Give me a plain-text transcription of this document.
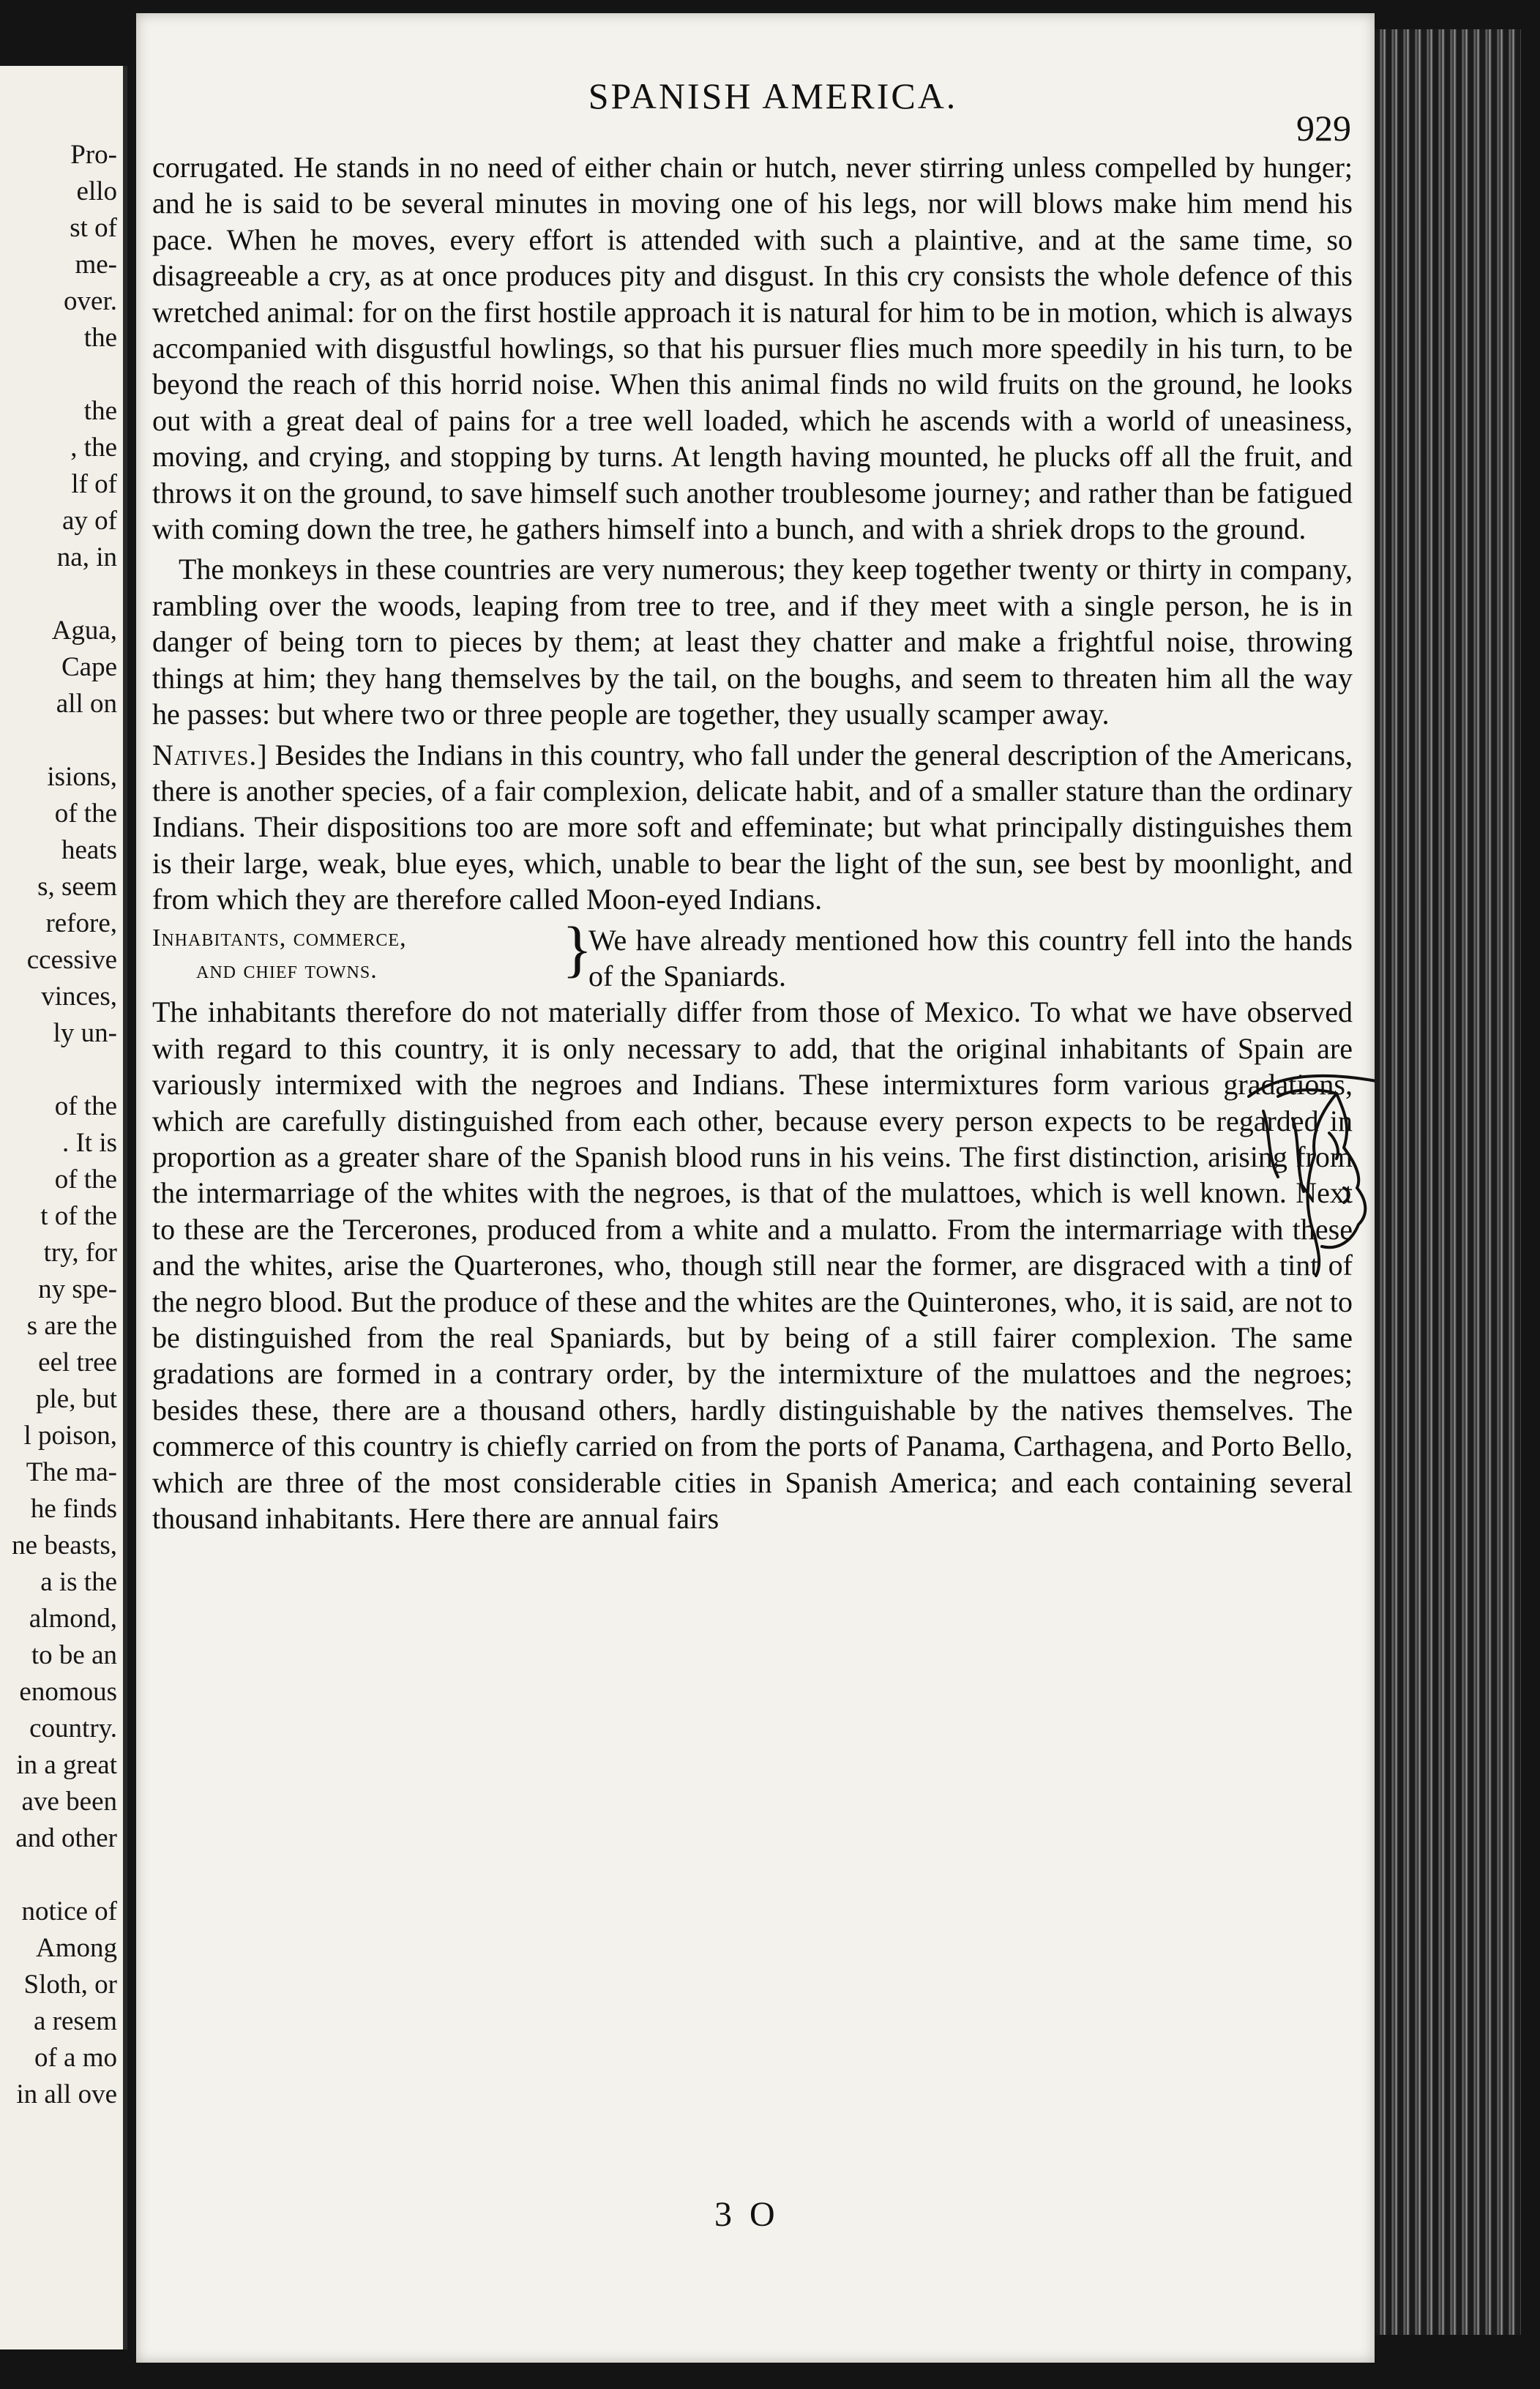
Pro-
ello
st of
me-
over.
the
the
, the
lf of
ay of
na, in
Agua,
Cape
all on
isions,
of the
heats
s, seem
refore,
ccessive
vinces,
ly un-
of the
. It is
of the
t of the
try, for
ny spe-
s are the
eel tree
ple, but
l poison,
The ma-
he finds
ne beasts,
a is the
almond,
to be an
enomous
country.
in a great
ave been
and other
notice of
Among
Sloth, or
a resem
of a mo
in all ove
SPANISH AMERICA.
929

corrugated. He stands in no need of either chain or hutch, never stirring unless compelled by hunger; and he is said to be several minutes in moving one of his legs, nor will blows make him mend his pace. When he moves, every effort is attended with such a plaintive, and at the same time, so disagreeable a cry, as at once produces pity and disgust. In this cry consists the whole defence of this wretched animal: for on the first hostile approach it is natural for him to be in motion, which is always accompanied with disgustful howlings, so that his pursuer flies much more speedily in his turn, to be beyond the reach of this horrid noise. When this animal finds no wild fruits on the ground, he looks out with a great deal of pains for a tree well loaded, which he ascends with a world of uneasiness, moving, and crying, and stopping by turns. At length having mounted, he plucks off all the fruit, and throws it on the ground, to save himself such another troublesome journey; and rather than be fatigued with coming down the tree, he gathers himself into a bunch, and with a shriek drops to the ground.

The monkeys in these countries are very numerous; they keep together twenty or thirty in company, rambling over the woods, leaping from tree to tree, and if they meet with a single person, he is in danger of being torn to pieces by them; at least they chatter and make a frightful noise, throwing things at him; they hang themselves by the tail, on the boughs, and seem to threaten him all the way he passes: but where two or three people are together, they usually scamper away.

Natives.] Besides the Indians in this country, who fall under the general description of the Americans, there is another species, of a fair complexion, delicate habit, and of a smaller stature than the ordinary Indians. Their dispositions too are more soft and effeminate; but what principally distinguishes them is their large, weak, blue eyes, which, unable to bear the light of the sun, see best by moonlight, and from which they are therefore called Moon-eyed Indians.

Inhabitants, commerce,
and chief towns.	}
We have already mentioned how this country fell into the hands of the Spaniards.

The inhabitants therefore do not materially differ from those of Mexico. To what we have observed with regard to this country, it is only necessary to add, that the original inhabitants of Spain are variously intermixed with the negroes and Indians. These intermixtures form various gradations, which are carefully distinguished from each other, because every person expects to be regarded in proportion as a greater share of the Spanish blood runs in his veins. The first distinction, arising from the intermarriage of the whites with the negroes, is that of the mulattoes, which is well known. Next to these are the Tercerones, produced from a white and a mulatto. From the intermarriage with these and the whites, arise the Quarterones, who, though still near the former, are disgraced with a tint of the negro blood. But the produce of these and the whites are the Quinterones, who, it is said, are not to be distinguished from the real Spaniards, but by being of a still fairer complexion. The same gradations are formed in a contrary order, by the intermixture of the mulattoes and the negroes; besides these, there are a thousand others, hardly distinguishable by the natives themselves. The commerce of this country is chiefly carried on from the ports of Panama, Carthagena, and Porto Bello, which are three of the most considerable cities in Spanish America; and each containing several thousand inhabitants. Here there are annual fairs

3 O
